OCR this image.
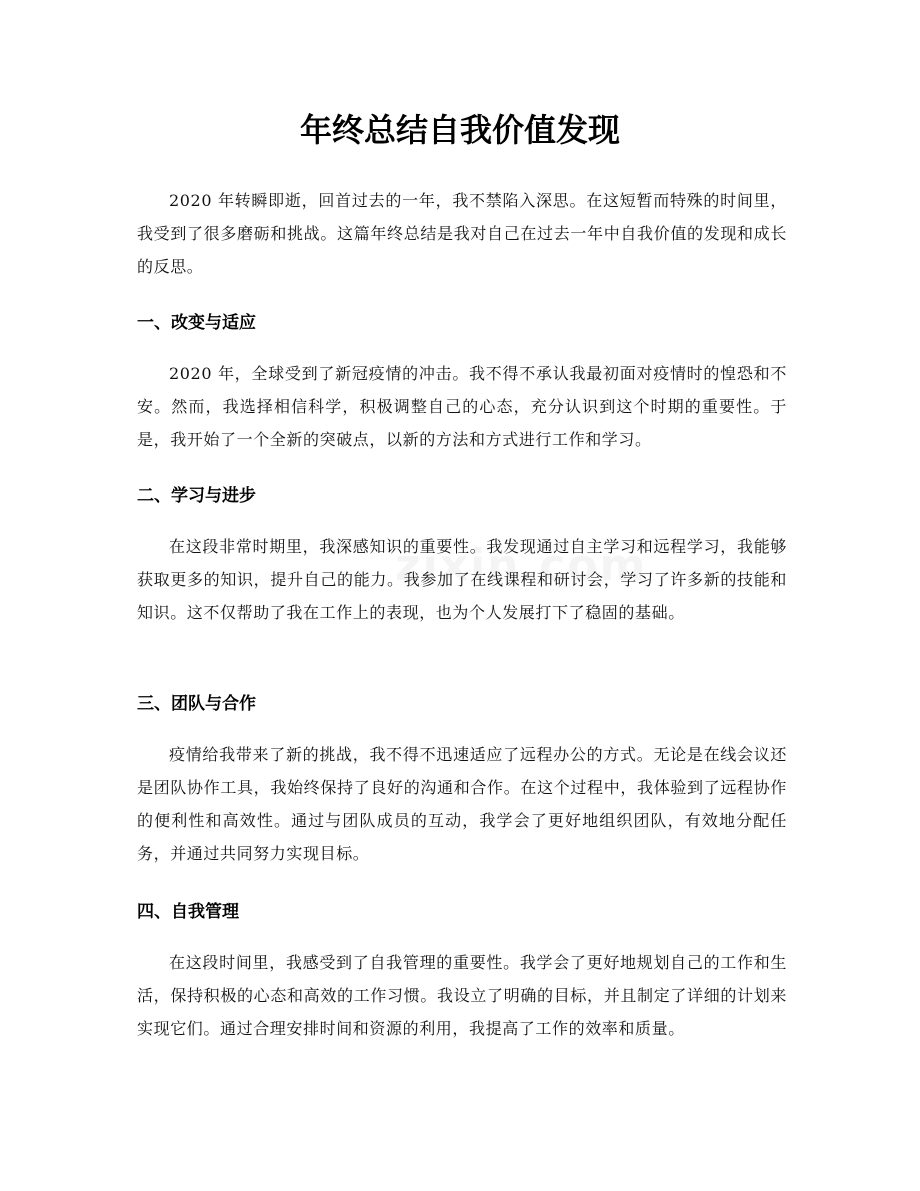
年终总结自我价值发现

2020 年转瞬即逝，回首过去的一年，我不禁陷入深思。在这短暂而特殊的时间里，我受到了很多磨砺和挑战。这篇年终总结是我对自己在过去一年中自我价值的发现和成长的反思。

一、改变与适应

2020 年，全球受到了新冠疫情的冲击。我不得不承认我最初面对疫情时的惶恐和不安。然而，我选择相信科学，积极调整自己的心态，充分认识到这个时期的重要性。于是，我开始了一个全新的突破点，以新的方法和方式进行工作和学习。

二、学习与进步

在这段非常时期里，我深感知识的重要性。我发现通过自主学习和远程学习，我能够获取更多的知识，提升自己的能力。我参加了在线课程和研讨会，学习了许多新的技能和知识。这不仅帮助了我在工作上的表现，也为个人发展打下了稳固的基础。

三、团队与合作

疫情给我带来了新的挑战，我不得不迅速适应了远程办公的方式。无论是在线会议还是团队协作工具，我始终保持了良好的沟通和合作。在这个过程中，我体验到了远程协作的便利性和高效性。通过与团队成员的互动，我学会了更好地组织团队，有效地分配任务，并通过共同努力实现目标。

四、自我管理

在这段时间里，我感受到了自我管理的重要性。我学会了更好地规划自己的工作和生活，保持积极的心态和高效的工作习惯。我设立了明确的目标，并且制定了详细的计划来实现它们。通过合理安排时间和资源的利用，我提高了工作的效率和质量。
